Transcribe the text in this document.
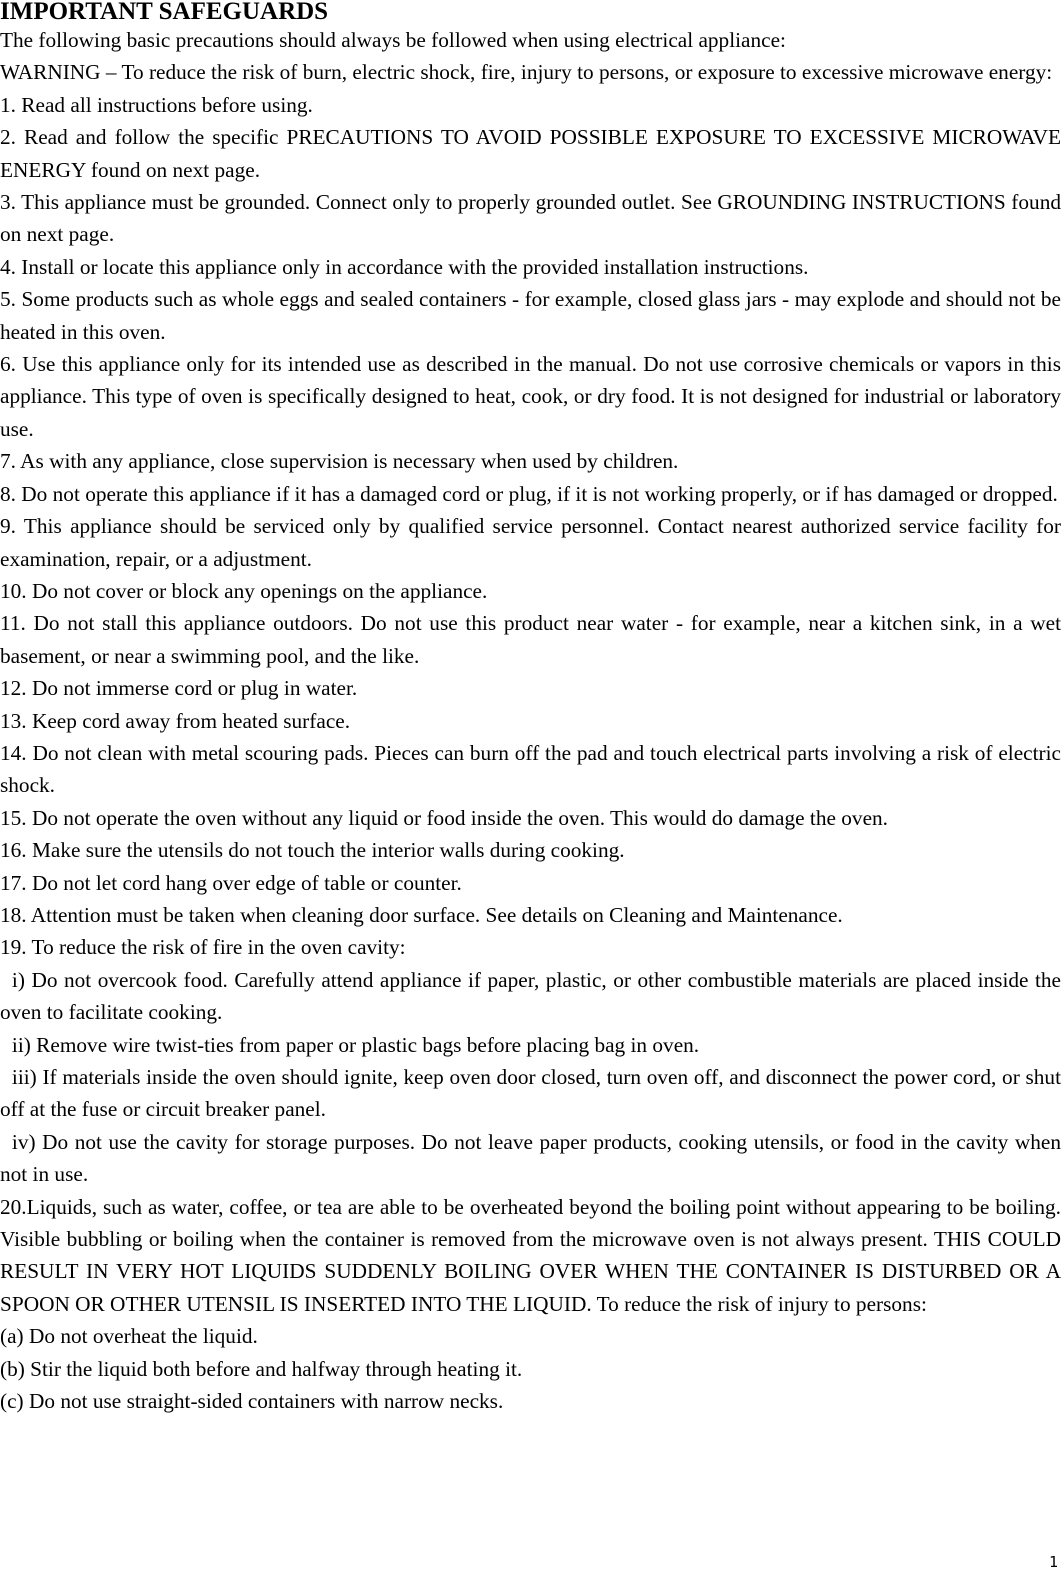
IMPORTANT SAFEGUARDS

The following basic precautions should always be followed when using electrical appliance:

WARNING – To reduce the risk of burn, electric shock, fire, injury to persons, or exposure to excessive microwave energy:

1. Read all instructions before using.

2. Read and follow the specific PRECAUTIONS TO AVOID POSSIBLE EXPOSURE TO EXCESSIVE MICROWAVE ENERGY found on next page.

3. This appliance must be grounded. Connect only to properly grounded outlet. See GROUNDING INSTRUCTIONS found on next page.

4. Install or locate this appliance only in accordance with the provided installation instructions.

5. Some products such as whole eggs and sealed containers - for example, closed glass jars - may explode and should not be heated in this oven.

6. Use this appliance only for its intended use as described in the manual. Do not use corrosive chemicals or vapors in this appliance. This type of oven is specifically designed to heat, cook, or dry food. It is not designed for industrial or laboratory use.

7. As with any appliance, close supervision is necessary when used by children.

8. Do not operate this appliance if it has a damaged cord or plug, if it is not working properly, or if has damaged or dropped.

9. This appliance should be serviced only by qualified service personnel. Contact nearest authorized service facility for examination, repair, or a adjustment.

10. Do not cover or block any openings on the appliance.

11. Do not stall this appliance outdoors. Do not use this product near water - for example, near a kitchen sink, in a wet basement, or near a swimming pool, and the like.

12. Do not immerse cord or plug in water.

13. Keep cord away from heated surface.

14. Do not clean with metal scouring pads. Pieces can burn off the pad and touch electrical parts involving a risk of electric shock.

15. Do not operate the oven without any liquid or food inside the oven. This would do damage the oven.

16. Make sure the utensils do not touch the interior walls during cooking.

17. Do not let cord hang over edge of table or counter.

18. Attention must be taken when cleaning door surface. See details on Cleaning and Maintenance.

19. To reduce the risk of fire in the oven cavity:

i) Do not overcook food. Carefully attend appliance if paper, plastic, or other combustible materials are placed inside the oven to facilitate cooking.

ii) Remove wire twist-ties from paper or plastic bags before placing bag in oven.

iii) If materials inside the oven should ignite, keep oven door closed, turn oven off, and disconnect the power cord, or shut off at the fuse or circuit breaker panel.

iv) Do not use the cavity for storage purposes. Do not leave paper products, cooking utensils, or food in the cavity when not in use.

20.Liquids, such as water, coffee, or tea are able to be overheated beyond the boiling point without appearing to be boiling. Visible bubbling or boiling when the container is removed from the microwave oven is not always present. THIS COULD RESULT IN VERY HOT LIQUIDS SUDDENLY BOILING OVER WHEN THE CONTAINER IS DISTURBED OR A SPOON OR OTHER UTENSIL IS INSERTED INTO THE LIQUID. To reduce the risk of injury to persons:

(a) Do not overheat the liquid.

(b) Stir the liquid both before and halfway through heating it.

(c) Do not use straight-sided containers with narrow necks.

1
